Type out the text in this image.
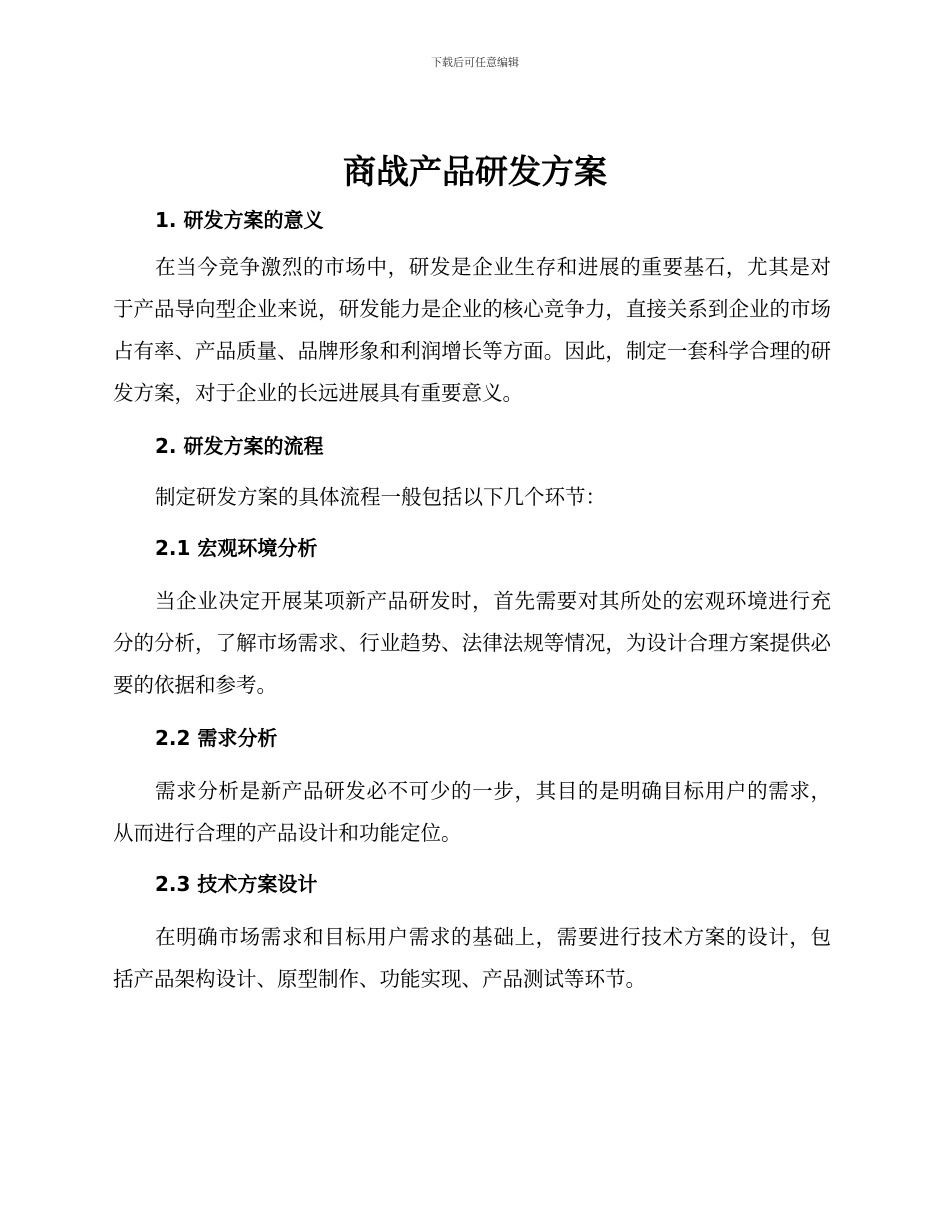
下载后可任意编辑
商战产品研发方案
1. 研发方案的意义

在当今竞争激烈的市场中，研发是企业生存和进展的重要基石，尤其是对于产品导向型企业来说，研发能力是企业的核心竞争力，直接关系到企业的市场占有率、产品质量、品牌形象和利润增长等方面。因此，制定一套科学合理的研发方案，对于企业的长远进展具有重要意义。

2. 研发方案的流程

制定研发方案的具体流程一般包括以下几个环节：

2.1 宏观环境分析

当企业决定开展某项新产品研发时，首先需要对其所处的宏观环境进行充分的分析，了解市场需求、行业趋势、法律法规等情况，为设计合理方案提供必要的依据和参考。

2.2 需求分析

需求分析是新产品研发必不可少的一步，其目的是明确目标用户的需求，从而进行合理的产品设计和功能定位。

2.3 技术方案设计

在明确市场需求和目标用户需求的基础上，需要进行技术方案的设计，包括产品架构设计、原型制作、功能实现、产品测试等环节。
